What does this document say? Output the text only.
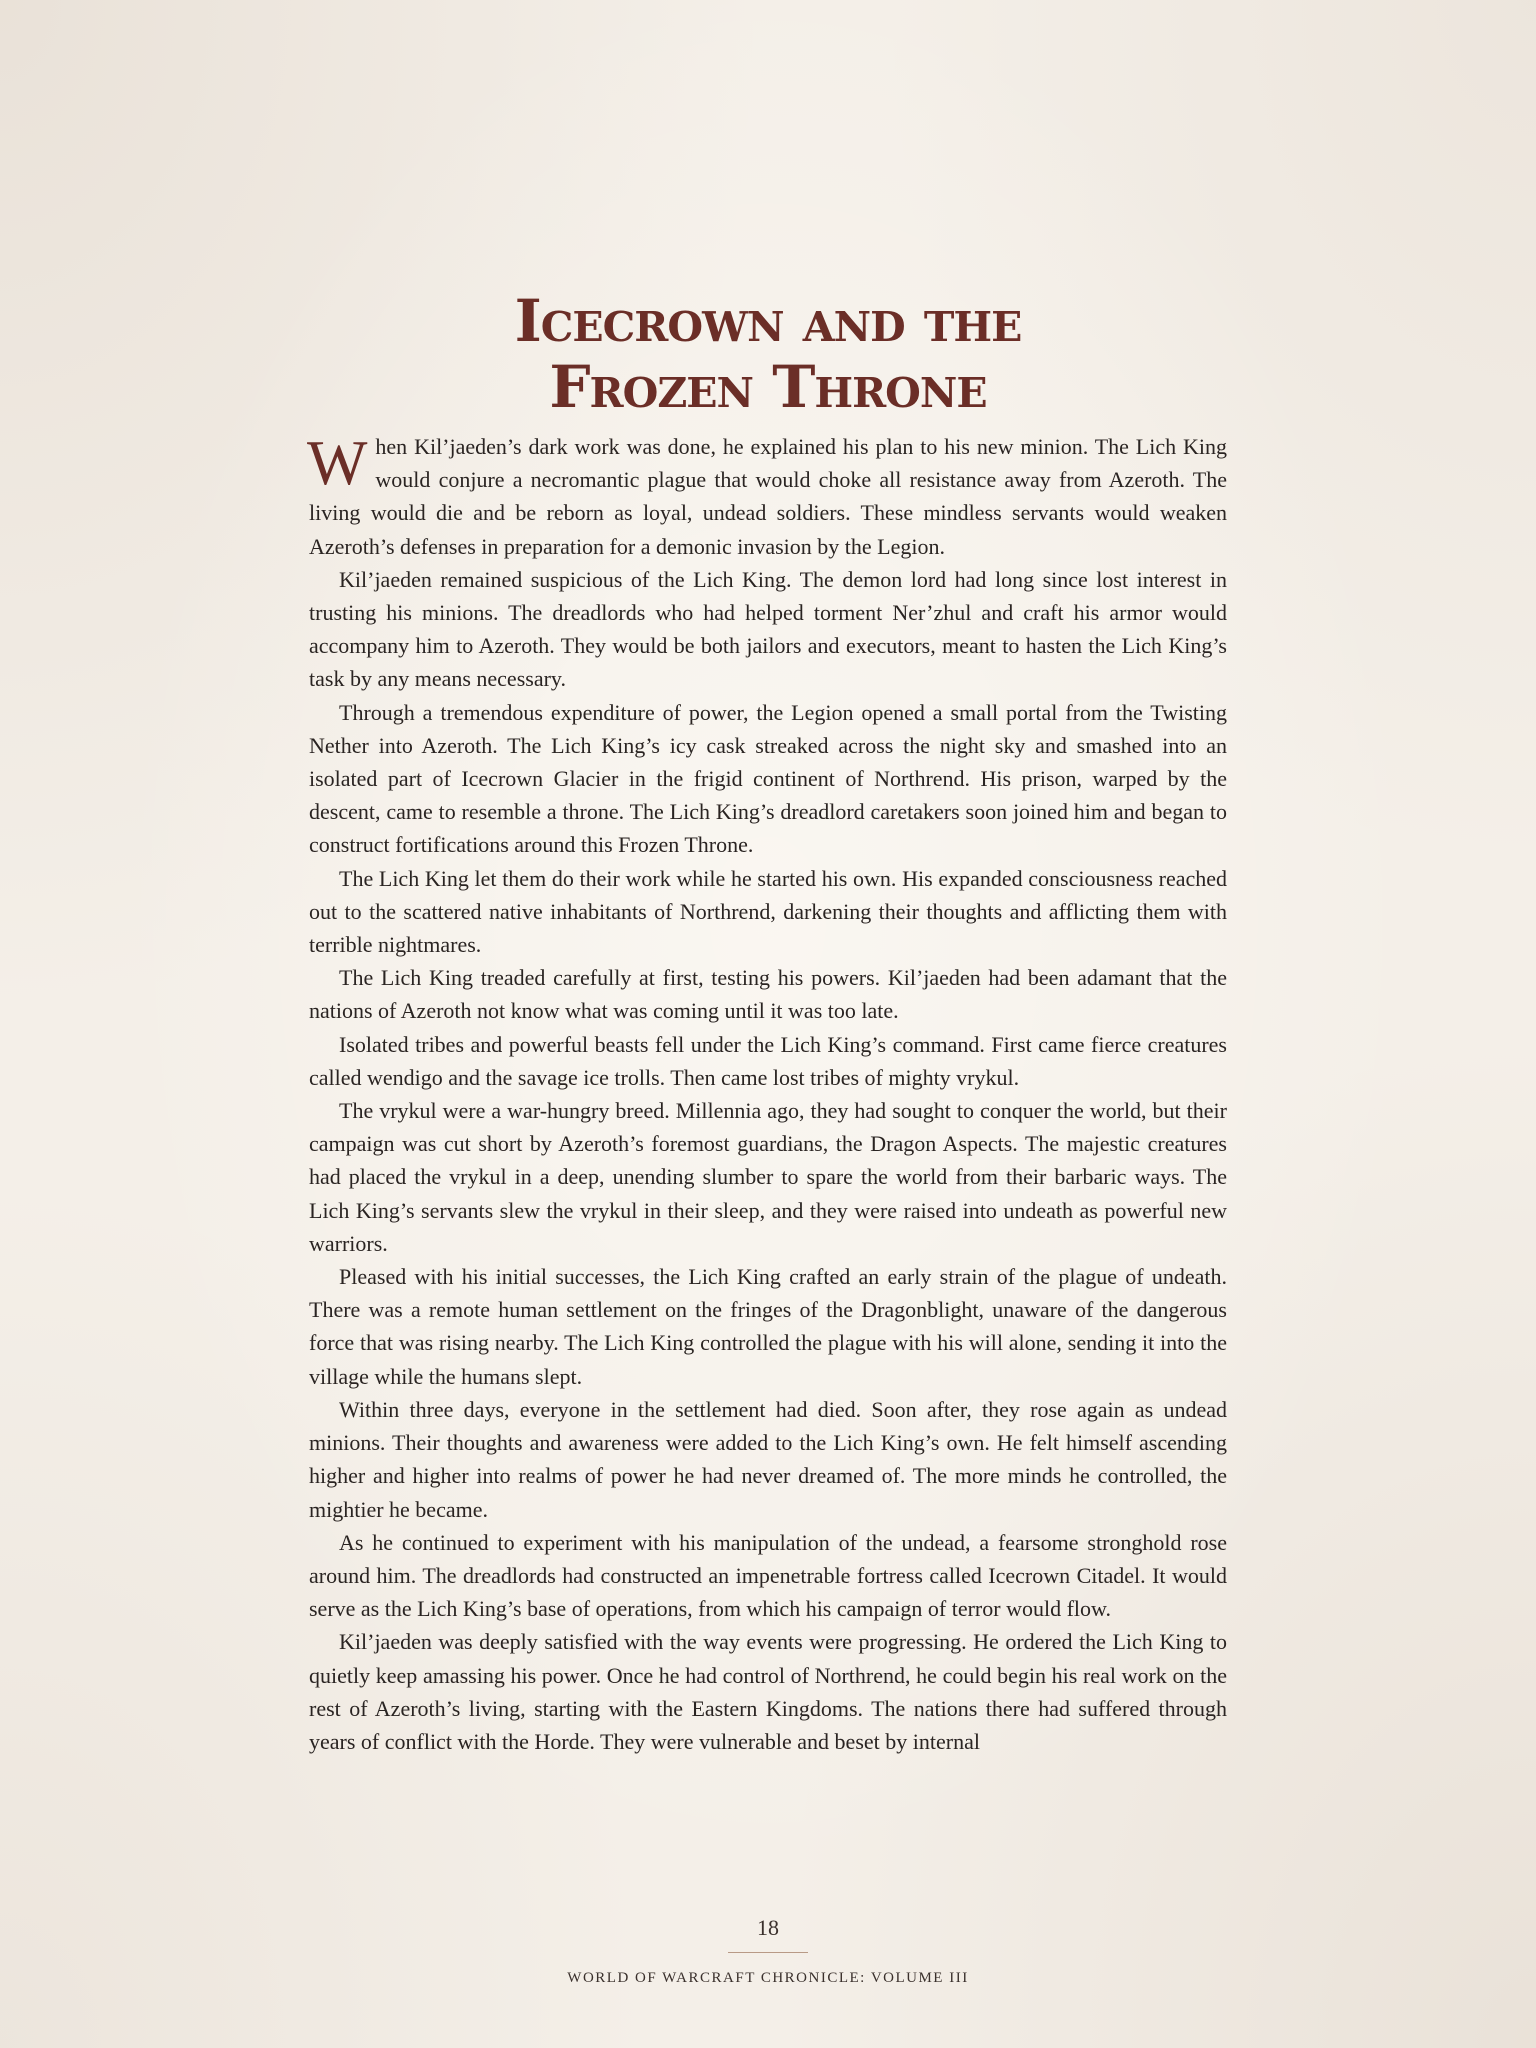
Icecrown and the
Frozen Throne

When Kil’jaeden’s dark work was done, he explained his plan to his new minion. The Lich King would conjure a necromantic plague that would choke all resistance away from Azeroth. The living would die and be reborn as loyal, undead soldiers. These mindless servants would weaken Azeroth’s defenses in preparation for a demonic invasion by the Legion.

Kil’jaeden remained suspicious of the Lich King. The demon lord had long since lost interest in trusting his minions. The dreadlords who had helped torment Ner’zhul and craft his armor would accompany him to Azeroth. They would be both jailors and executors, meant to hasten the Lich King’s task by any means necessary.

Through a tremendous expenditure of power, the Legion opened a small portal from the Twisting Nether into Azeroth. The Lich King’s icy cask streaked across the night sky and smashed into an isolated part of Icecrown Glacier in the frigid continent of Northrend. His prison, warped by the descent, came to resemble a throne. The Lich King’s dreadlord caretakers soon joined him and began to construct fortifications around this Frozen Throne.

The Lich King let them do their work while he started his own. His expanded consciousness reached out to the scattered native inhabitants of Northrend, darkening their thoughts and afflicting them with terrible nightmares.

The Lich King treaded carefully at first, testing his powers. Kil’jaeden had been adamant that the nations of Azeroth not know what was coming until it was too late.

Isolated tribes and powerful beasts fell under the Lich King’s command. First came fierce creatures called wendigo and the savage ice trolls. Then came lost tribes of mighty vrykul.

The vrykul were a war-hungry breed. Millennia ago, they had sought to conquer the world, but their campaign was cut short by Azeroth’s foremost guardians, the Dragon Aspects. The majestic creatures had placed the vrykul in a deep, unending slumber to spare the world from their barbaric ways. The Lich King’s servants slew the vrykul in their sleep, and they were raised into undeath as powerful new warriors.

Pleased with his initial successes, the Lich King crafted an early strain of the plague of undeath. There was a remote human settlement on the fringes of the Dragonblight, unaware of the dangerous force that was rising nearby. The Lich King controlled the plague with his will alone, sending it into the village while the humans slept.

Within three days, everyone in the settlement had died. Soon after, they rose again as undead minions. Their thoughts and awareness were added to the Lich King’s own. He felt himself ascending higher and higher into realms of power he had never dreamed of. The more minds he controlled, the mightier he became.

As he continued to experiment with his manipulation of the undead, a fearsome stronghold rose around him. The dreadlords had constructed an impenetrable fortress called Icecrown Citadel. It would serve as the Lich King’s base of operations, from which his campaign of terror would flow.

Kil’jaeden was deeply satisfied with the way events were progressing. He ordered the Lich King to quietly keep amassing his power. Once he had control of Northrend, he could begin his real work on the rest of Azeroth’s living, starting with the Eastern Kingdoms. The nations there had suffered through years of conflict with the Horde. They were vulnerable and beset by internal

18
WORLD OF WARCRAFT CHRONICLE: VOLUME III
